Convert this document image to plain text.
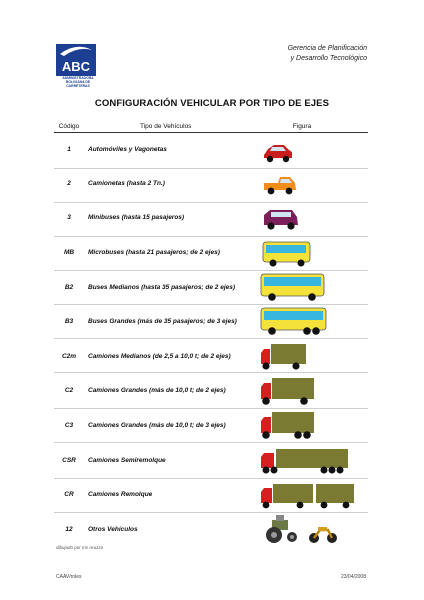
ABC
ADMINISTRADORA BOLIVIANA DE CARRETERAS
Gerencia de Planificación
y Desarrollo Tecnológico
CONFIGURACIÓN VEHICULAR POR TIPO DE EJES
Código	Tipo de Vehículos	Figura
1	Automóviles y Vagonetas
2	Camionetas (hasta 2 Tn.)
3	Minibuses (hasta 15 pasajeros)
MB	Microbuses (hasta 21 pasajeros; de 2 ejes)
B2	Buses Medianos (hasta 35 pasajeros; de 2 ejes)
B3	Buses Grandes (más de 35 pasajeros; de 3 ejes)
C2m	Camiones Medianos (de 2,5 a 10,0 t; de 2 ejes)
C2	Camiones Grandes (más de 10,0 t; de 2 ejes)
C3	Camiones Grandes (más de 10,0 t; de 3 ejes)
CSR	Camiones Semiremolque
CR	Camiones Remolque
12	Otros Vehículos
dibujado por Iris Aruzza
CAAV/roles	23/04/2008
